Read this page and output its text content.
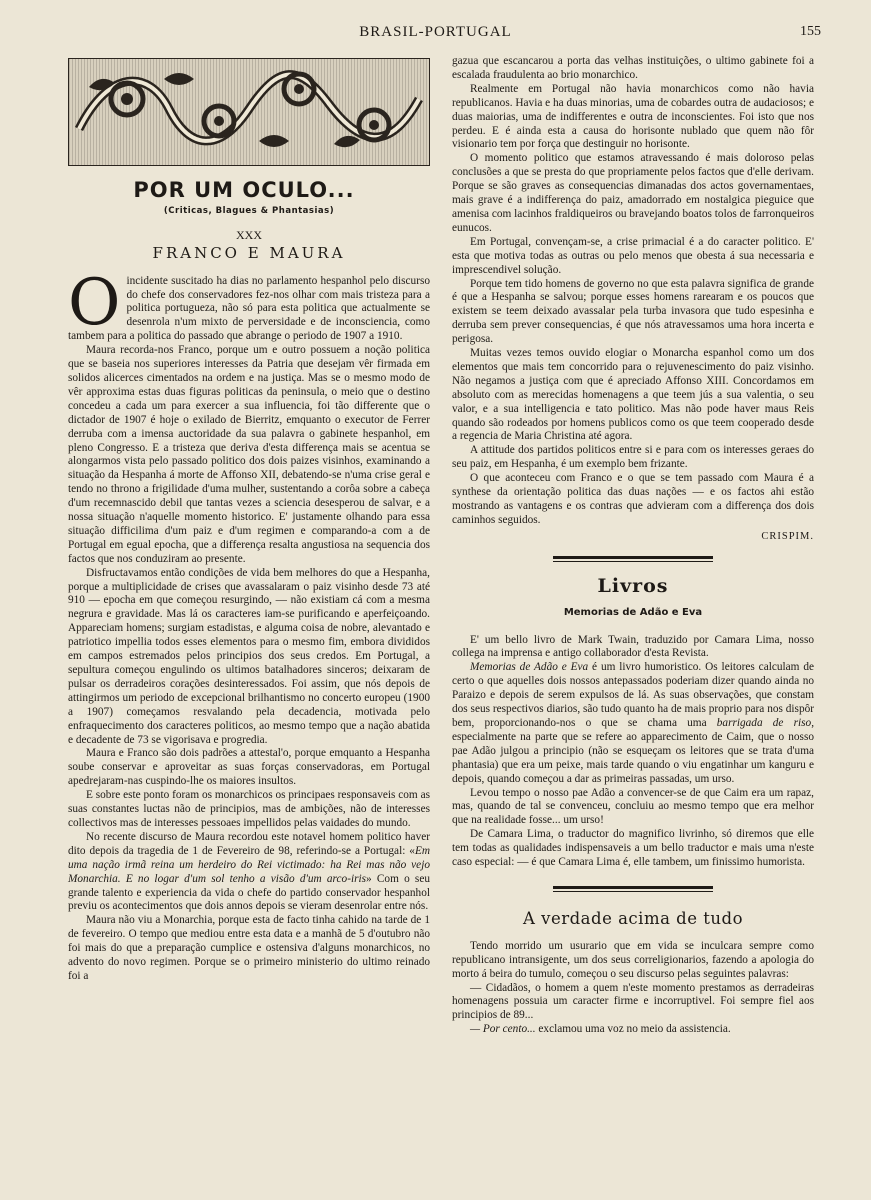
BRASIL-PORTUGAL	155
POR UM OCULO...
(Criticas, Blagues & Phantasias)
XXX
FRANCO E MAURA

Oincidente suscitado ha dias no parlamento hespanhol pelo discurso do chefe dos conservadores fez-nos olhar com mais tristeza para a politica portugueza, não só para esta politica que actualmente se desenrola n'um mixto de perversidade e de inconsciencia, como tambem para a politica do passado que abrange o periodo de 1907 a 1910.

Maura recorda-nos Franco, porque um e outro possuem a noção politica que se baseia nos superiores interesses da Patria que desejam vêr firmada em solidos alicerces cimentados na ordem e na justiça. Mas se o mesmo modo de vêr approxima estas duas figuras politicas da peninsula, o meio que o destino concedeu a cada um para exercer a sua influencia, foi tão differente que o dictador de 1907 é hoje o exilado de Bierritz, emquanto o executor de Ferrer derruba com a imensa auctoridade da sua palavra o gabinete hespanhol, em pleno Congresso. E a tristeza que deriva d'esta differença mais se acentua se alongarmos vista pelo passado politico dos dois paizes visinhos, examinando a situação da Hespanha á morte de Affonso XII, debatendo-se n'uma crise geral e tendo no throno a frigilidade d'uma mulher, sustentando a corôa sobre a cabeça d'um recemnascido debil que tantas vezes a sciencia desesperou de salvar, e a nossa situação n'aquelle momento historico. E' justamente olhando para essa situação difficilima d'um paiz e d'um regimen e comparando-a com a de Portugal em egual epocha, que a differença resalta angustiosa na sequencia dos factos que nos conduziram ao presente.

Disfructavamos então condições de vida bem melhores do que a Hespanha, porque a multiplicidade de crises que avassalaram o paiz visinho desde 73 até 910 — epocha em que começou resurgindo, — não existiam cá com a mesma negrura e gravidade. Mas lá os caracteres iam-se purificando e aperfeiçoando. Appareciam homens; surgiam estadistas, e alguma coisa de nobre, alevantado e patriotico impellia todos esses elementos para o mesmo fim, embora divididos em campos estremados pelos principios dos seus credos. Em Portugal, a sepultura começou engulindo os ultimos batalhadores sinceros; deixaram de pulsar os derradeiros corações desinteressados. Foi assim, que nós depois de attingirmos um periodo de excepcional brilhantismo no concerto europeu (1900 a 1907) começamos resvalando pela decadencia, motivada pelo enfraquecimento dos caracteres politicos, ao mesmo tempo que a nação abatida e decadente de 73 se vigorisava e progredia.

Maura e Franco são dois padrões a attestal'o, porque emquanto a Hespanha soube conservar e aproveitar as suas forças conservadoras, em Portugal apedrejaram-nas cuspindo-lhe os maiores insultos.

E sobre este ponto foram os monarchicos os principaes responsaveis com as suas constantes luctas não de principios, mas de ambições, não de interesses collectivos mas de interesses pessoaes impellidos pelas vaidades do mundo.

No recente discurso de Maura recordou este notavel homem politico haver dito depois da tragedia de 1 de Fevereiro de 98, referindo-se a Portugal: «Em uma nação irmã reina um herdeiro do Rei victimado: ha Rei mas não vejo Monarchia. E no logar d'um sol tenho a visão d'um arco-iris» Com o seu grande talento e experiencia da vida o chefe do partido conservador hespanhol previu os acontecimentos que dois annos depois se vieram desenrolar entre nós.

Maura não viu a Monarchia, porque esta de facto tinha cahido na tarde de 1 de fevereiro. O tempo que mediou entre esta data e a manhã de 5 d'outubro não foi mais do que a preparação cumplice e ostensiva d'alguns monarchicos, no advento do novo regimen. Porque se o primeiro ministerio do ultimo reinado foi a

gazua que escancarou a porta das velhas instituições, o ultimo gabinete foi a escalada fraudulenta ao brio monarchico.

Realmente em Portugal não havia monarchicos como não havia republicanos. Havia e ha duas minorias, uma de cobardes outra de audaciosos; e duas maiorias, uma de indifferentes e outra de inconscientes. Foi isto que nos perdeu. E é ainda esta a causa do horisonte nublado que quem não fôr visionario tem por força que destinguir no horisonte.

O momento politico que estamos atravessando é mais doloroso pelas conclusões a que se presta do que propriamente pelos factos que d'elle derivam. Porque se são graves as consequencias dimanadas dos actos governamentaes, mais grave é a indifferença do paiz, amadorrado em nostalgica pieguice que amenisa com lacinhos fraldiqueiros ou bravejando boatos tolos de farronqueiros eunucos.

Em Portugal, convençam-se, a crise primacial é a do caracter politico. E' esta que motiva todas as outras ou pelo menos que obesta á sua necessaria e imprescendivel solução.

Porque tem tido homens de governo no que esta palavra significa de grande é que a Hespanha se salvou; porque esses homens rarearam e os poucos que existem se teem deixado avassalar pela turba invasora que tudo espesinha e derruba sem prever consequencias, é que nós atravessamos uma hora incerta e perigosa.

Muitas vezes temos ouvido elogiar o Monarcha espanhol como um dos elementos que mais tem concorrido para o rejuvenescimento do paiz visinho. Não negamos a justiça com que é apreciado Affonso XIII. Concordamos em absoluto com as merecidas homenagens a que teem jús a sua valentia, o seu valor, e a sua intelligencia e tato politico. Mas não pode haver maus Reis quando são rodeados por homens publicos como os que teem cooperado desde a regencia de Maria Christina até agora.

A attitude dos partidos politicos entre si e para com os interesses geraes do seu paiz, em Hespanha, é um exemplo bem frizante.

O que aconteceu com Franco e o que se tem passado com Maura é a synthese da orientação politica das duas nações — e os factos ahi estão mostrando as vantagens e os contras que advieram com a differença dos dois caminhos seguidos.

CRISPIM.
Livros
Memorias de Adão e Eva

E' um bello livro de Mark Twain, traduzido por Camara Lima, nosso collega na imprensa e antigo collaborador d'esta Revista.

Memorias de Adão e Eva é um livro humoristico. Os leitores calculam de certo o que aquelles dois nossos antepassados poderiam dizer quando ainda no Paraizo e depois de serem expulsos de lá. As suas observações, que constam dos seus respectivos diarios, são tudo quanto ha de mais proprio para nos dispôr bem, proporcionando-nos o que se chama uma barrigada de riso, especialmente na parte que se refere ao apparecimento de Caim, que o nosso pae Adão julgou a principio (não se esqueçam os leitores que se trata d'uma phantasia) que era um peixe, mais tarde quando o viu engatinhar um kanguru e depois, quando começou a dar as primeiras passadas, um urso.

Levou tempo o nosso pae Adão a convencer-se de que Caim era um rapaz, mas, quando de tal se convenceu, concluiu ao mesmo tempo que era melhor que na realidade fosse... um urso!

De Camara Lima, o traductor do magnifico livrinho, só diremos que elle tem todas as qualidades indispensaveis a um bello traductor e mais uma n'este caso especial: — é que Camara Lima é, elle tambem, um finissimo humorista.

A verdade acima de tudo

Tendo morrido um usurario que em vida se inculcara sempre como republicano intransigente, um dos seus correligionarios, fazendo a apologia do morto á beira do tumulo, começou o seu discurso pelas seguintes palavras:

— Cidadãos, o homem a quem n'este momento prestamos as derradeiras homenagens possuia um caracter firme e incorruptivel. Foi sempre fiel aos principios de 89...

— Por cento... exclamou uma voz no meio da assistencia.
